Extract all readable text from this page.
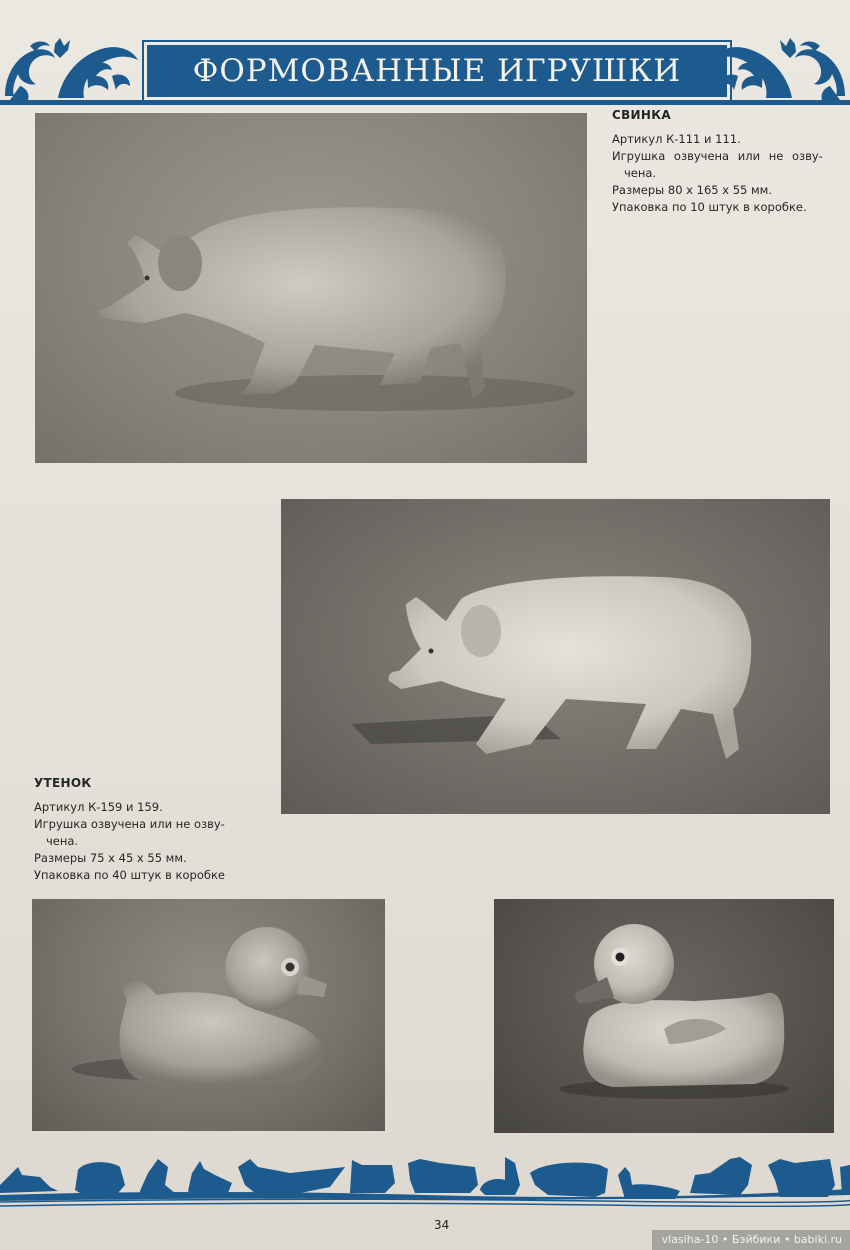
ФОРМОВАННЫЕ ИГРУШКИ
СВИНКА
Артикул К-111 и 111.
Игрушка озвучена или не озву-
чена.
Размеры 80 x 165 x 55 мм.
Упаковка по 10 штук в коробке.
УТЕНОК
Артикул К-159 и 159.
Игрушка озвучена или не озву-
чена.
Размеры 75 x 45 x 55 мм.
Упаковка по 40 штук в коробке
34
vlasiha-10 • Бэйбики • babiki.ru
